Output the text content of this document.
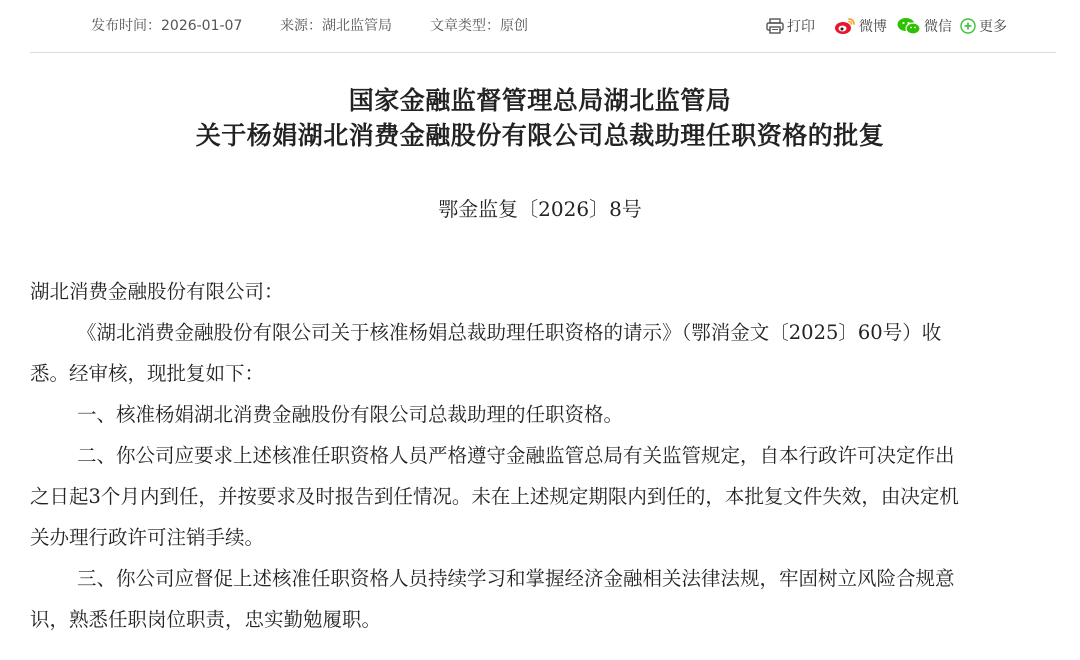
发布时间：2026-01-07	来源：湖北监管局	文章类型：原创	打印	微博	微信 更多
国家金融监督管理总局湖北监管局
关于杨娟湖北消费金融股份有限公司总裁助理任职资格的批复
鄂金监复〔2026〕8号
湖北消费金融股份有限公司：
《湖北消费金融股份有限公司关于核准杨娟总裁助理任职资格的请示》（鄂消金文〔2025〕60号）收
悉。经审核，现批复如下：
一、核准杨娟湖北消费金融股份有限公司总裁助理的任职资格。
二、你公司应要求上述核准任职资格人员严格遵守金融监管总局有关监管规定，自本行政许可决定作出
之日起3个月内到任，并按要求及时报告到任情况。未在上述规定期限内到任的，本批复文件失效，由决定机
关办理行政许可注销手续。
三、你公司应督促上述核准任职资格人员持续学习和掌握经济金融相关法律法规，牢固树立风险合规意
识，熟悉任职岗位职责，忠实勤勉履职。
